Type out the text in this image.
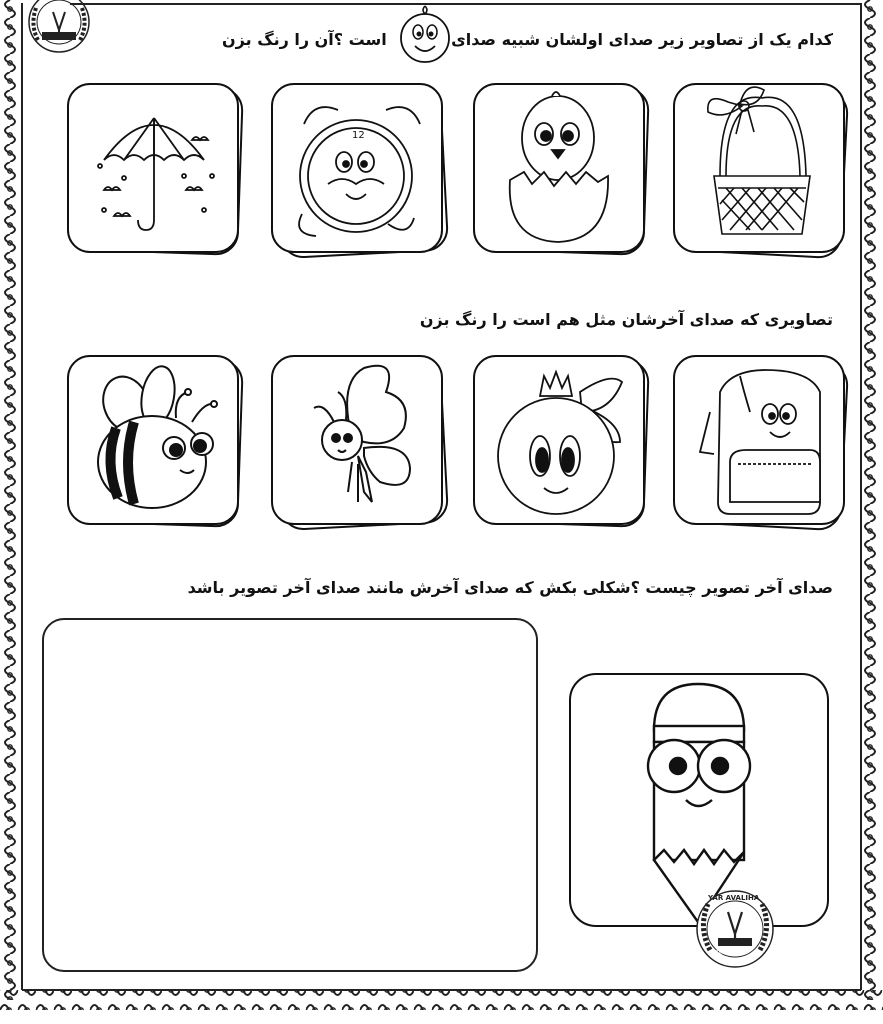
است ؟آن را رنگ بزن	کدام یک از تصاویر زیر صدای اولشان شبیه صدای
12
تصاویری که صدای آخرشان مثل هم است را رنگ بزن
صدای آخر تصویر چیست ؟شکلی بکش که صدای آخرش مانند صدای آخر تصویر باشد
YAR AVALIHA
JAVAD YOUSE
